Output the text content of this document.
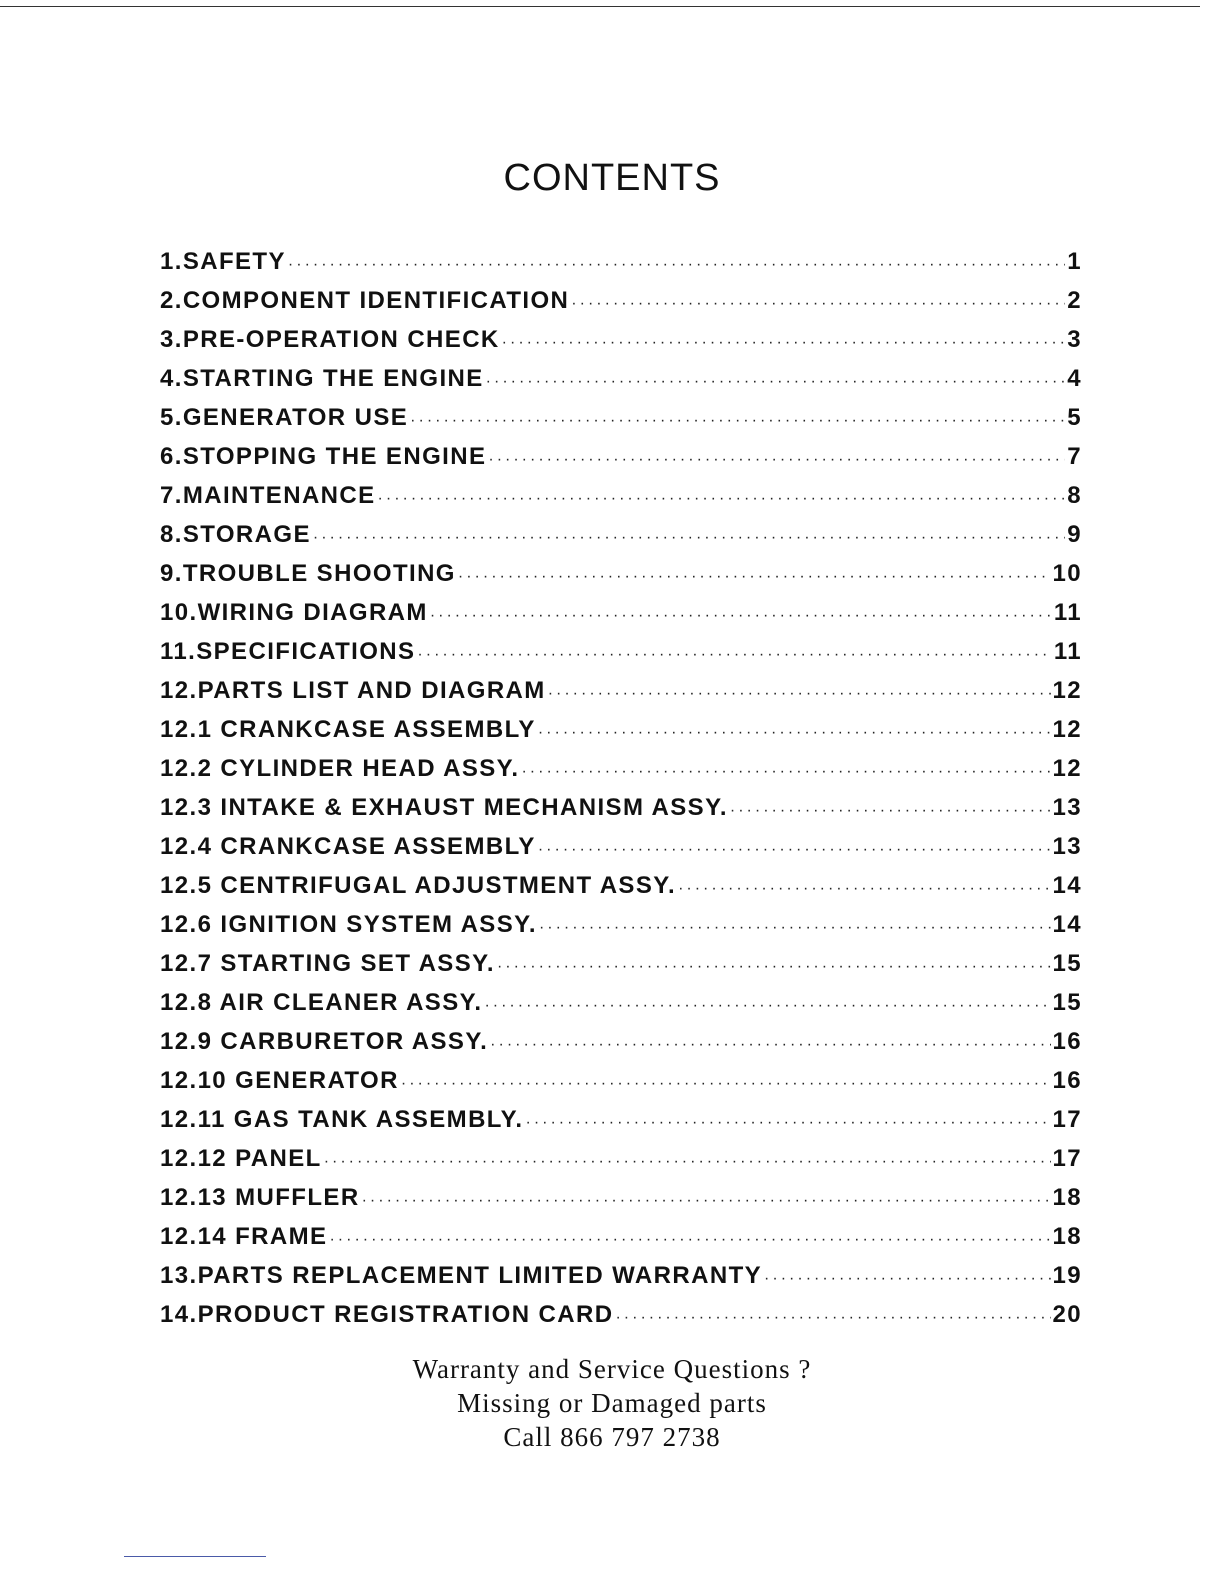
CONTENTS
1.SAFETY ·····	1
2.COMPONENT IDENTIFICATION ·····	2
3.PRE-OPERATION CHECK ·····	3
4.STARTING THE ENGINE ·····	4
5.GENERATOR USE ·····	5
6.STOPPING THE ENGINE ·····	7
7.MAINTENANCE ·····	8
8.STORAGE ·····	9
9.TROUBLE SHOOTING ·····	10
10.WIRING DIAGRAM ·····	11
11.SPECIFICATIONS ·····	11
12.PARTS LIST AND DIAGRAM ·····	12
12.1 CRANKCASE ASSEMBLY ·····	12
12.2 CYLINDER HEAD ASSY. ·····	12
12.3 INTAKE & EXHAUST MECHANISM ASSY. ·····	13
12.4 CRANKCASE ASSEMBLY ·····	13
12.5 CENTRIFUGAL ADJUSTMENT ASSY. ·····	14
12.6 IGNITION SYSTEM ASSY. ·····	14
12.7 STARTING SET ASSY. ·····	15
12.8 AIR CLEANER ASSY. ·····	15
12.9 CARBURETOR ASSY. ·····	16
12.10 GENERATOR ·····	16
12.11 GAS TANK ASSEMBLY. ·····	17
12.12 PANEL ·····	17
12.13 MUFFLER ·····	18
12.14 FRAME ·····	18
13.PARTS REPLACEMENT LIMITED WARRANTY ·····	19
14.PRODUCT REGISTRATION CARD ·····	20
Warranty and Service Questions ?
Missing or Damaged parts
Call 866 797 2738
